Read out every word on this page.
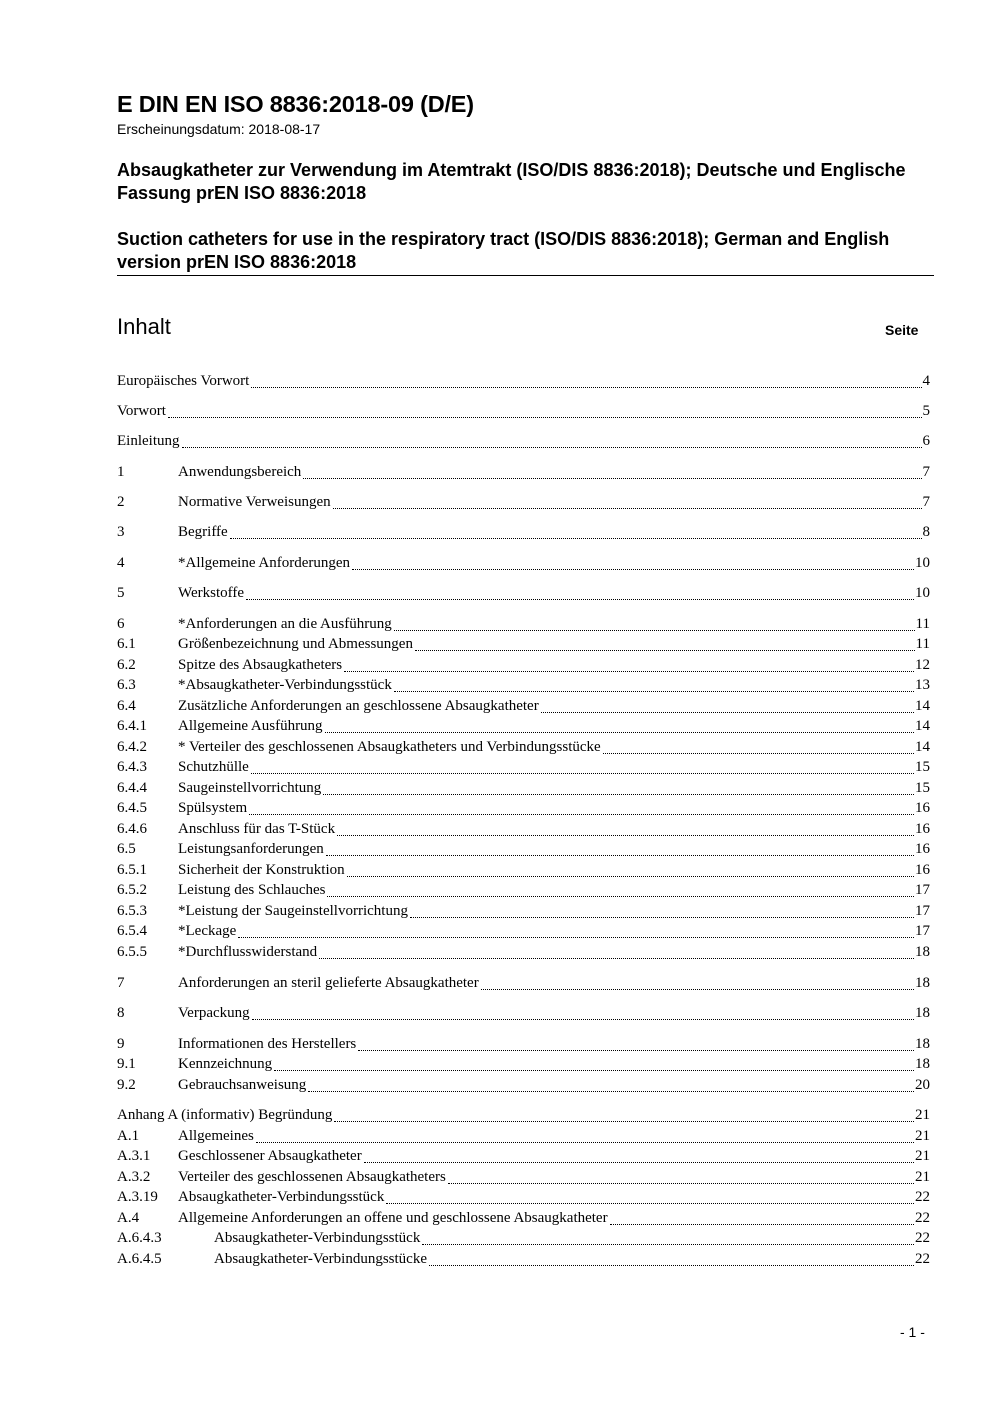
E DIN EN ISO 8836:2018-09 (D/E)
Erscheinungsdatum: 2018-08-17
Absaugkatheter zur Verwendung im Atemtrakt (ISO/DIS 8836:2018); Deutsche und Englische Fassung prEN ISO 8836:2018
Suction catheters for use in the respiratory tract (ISO/DIS 8836:2018); German and English version prEN ISO 8836:2018
Inhalt	Seite
Europäisches Vorwort	4
Vorwort	5
Einleitung	6
1	Anwendungsbereich	7
2	Normative Verweisungen	7
3	Begriffe	8
4	*Allgemeine Anforderungen	10
5	Werkstoffe	10
6	*Anforderungen an die Ausführung	11
6.1	Größenbezeichnung und Abmessungen	11
6.2	Spitze des Absaugkatheters	12
6.3	*Absaugkatheter-Verbindungsstück	13
6.4	Zusätzliche Anforderungen an geschlossene Absaugkatheter	14
6.4.1	Allgemeine Ausführung	14
6.4.2	* Verteiler des geschlossenen Absaugkatheters und Verbindungsstücke	14
6.4.3	Schutzhülle	15
6.4.4	Saugeinstellvorrichtung	15
6.4.5	Spülsystem	16
6.4.6	Anschluss für das T-Stück	16
6.5	Leistungsanforderungen	16
6.5.1	Sicherheit der Konstruktion	16
6.5.2	Leistung des Schlauches	17
6.5.3	*Leistung der Saugeinstellvorrichtung	17
6.5.4	*Leckage	17
6.5.5	*Durchflusswiderstand	18
7	Anforderungen an steril gelieferte Absaugkatheter	18
8	Verpackung	18
9	Informationen des Herstellers	18
9.1	Kennzeichnung	18
9.2	Gebrauchsanweisung	20
Anhang A (informativ) Begründung	21
A.1	Allgemeines	21
A.3.1	Geschlossener Absaugkatheter	21
A.3.2	Verteiler des geschlossenen Absaugkatheters	21
A.3.19	Absaugkatheter-Verbindungsstück	22
A.4	Allgemeine Anforderungen an offene und geschlossene Absaugkatheter	22
A.6.4.3	Absaugkatheter-Verbindungsstück	22
A.6.4.5	Absaugkatheter-Verbindungsstücke	22
- 1 -
